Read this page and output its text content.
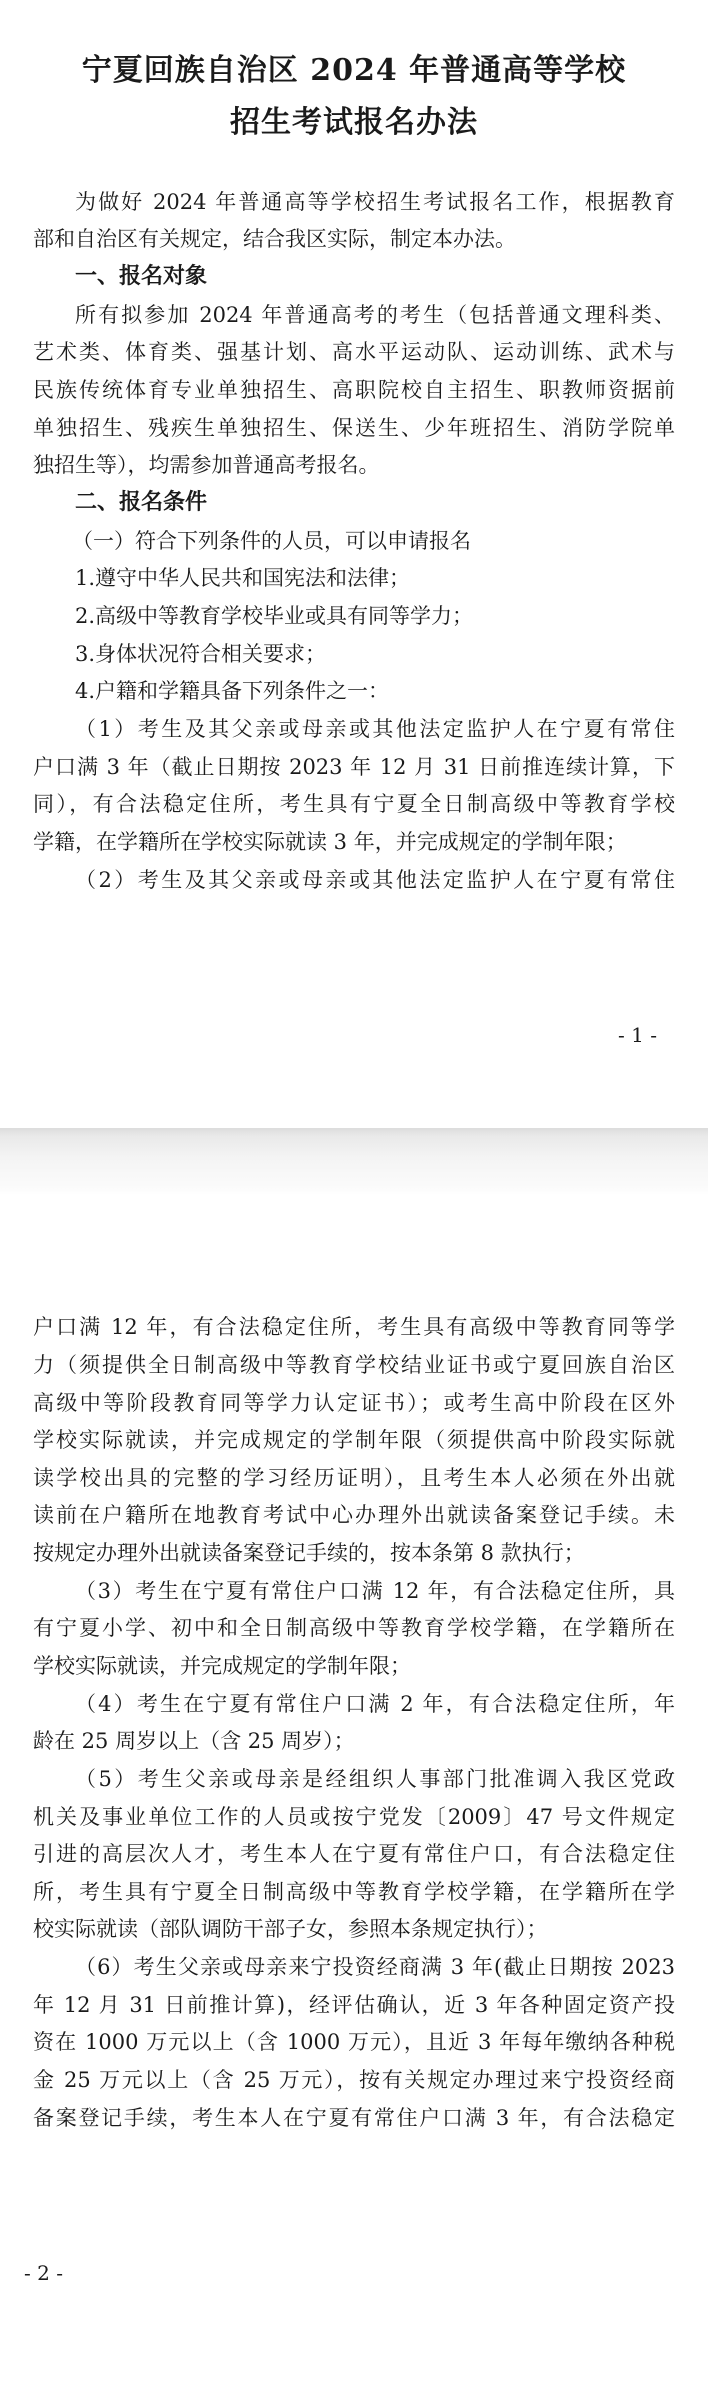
宁夏回族自治区 2024 年普通高等学校
招生考试报名办法
为做好 2024 年普通高等学校招生考试报名工作，根据教育
部和自治区有关规定，结合我区实际，制定本办法。
一、报名对象
所有拟参加 2024 年普通高考的考生（包括普通文理科类、
艺术类、体育类、强基计划、高水平运动队、运动训练、武术与
民族传统体育专业单独招生、高职院校自主招生、职教师资据前
单独招生、残疾生单独招生、保送生、少年班招生、消防学院单
独招生等），均需参加普通高考报名。
二、报名条件
（一）符合下列条件的人员，可以申请报名
1.遵守中华人民共和国宪法和法律；
2.高级中等教育学校毕业或具有同等学力；
3.身体状况符合相关要求；
4.户籍和学籍具备下列条件之一：
（1）考生及其父亲或母亲或其他法定监护人在宁夏有常住
户口满 3 年（截止日期按 2023 年 12 月 31 日前推连续计算，下
同），有合法稳定住所，考生具有宁夏全日制高级中等教育学校
学籍，在学籍所在学校实际就读 3 年，并完成规定的学制年限；
（2）考生及其父亲或母亲或其他法定监护人在宁夏有常住
- 1 -
户口满 12 年，有合法稳定住所，考生具有高级中等教育同等学
力（须提供全日制高级中等教育学校结业证书或宁夏回族自治区
高级中等阶段教育同等学力认定证书）；或考生高中阶段在区外
学校实际就读，并完成规定的学制年限（须提供高中阶段实际就
读学校出具的完整的学习经历证明），且考生本人必须在外出就
读前在户籍所在地教育考试中心办理外出就读备案登记手续。未
按规定办理外出就读备案登记手续的，按本条第 8 款执行；
（3）考生在宁夏有常住户口满 12 年，有合法稳定住所，具
有宁夏小学、初中和全日制高级中等教育学校学籍，在学籍所在
学校实际就读，并完成规定的学制年限；
（4）考生在宁夏有常住户口满 2 年，有合法稳定住所，年
龄在 25 周岁以上（含 25 周岁）；
（5）考生父亲或母亲是经组织人事部门批准调入我区党政
机关及事业单位工作的人员或按宁党发〔2009〕47 号文件规定
引进的高层次人才，考生本人在宁夏有常住户口，有合法稳定住
所，考生具有宁夏全日制高级中等教育学校学籍，在学籍所在学
校实际就读（部队调防干部子女，参照本条规定执行）；
（6）考生父亲或母亲来宁投资经商满 3 年(截止日期按 2023
年 12 月 31 日前推计算)，经评估确认，近 3 年各种固定资产投
资在 1000 万元以上（含 1000 万元），且近 3 年每年缴纳各种税
金 25 万元以上（含 25 万元），按有关规定办理过来宁投资经商
备案登记手续，考生本人在宁夏有常住户口满 3 年，有合法稳定
- 2 -
